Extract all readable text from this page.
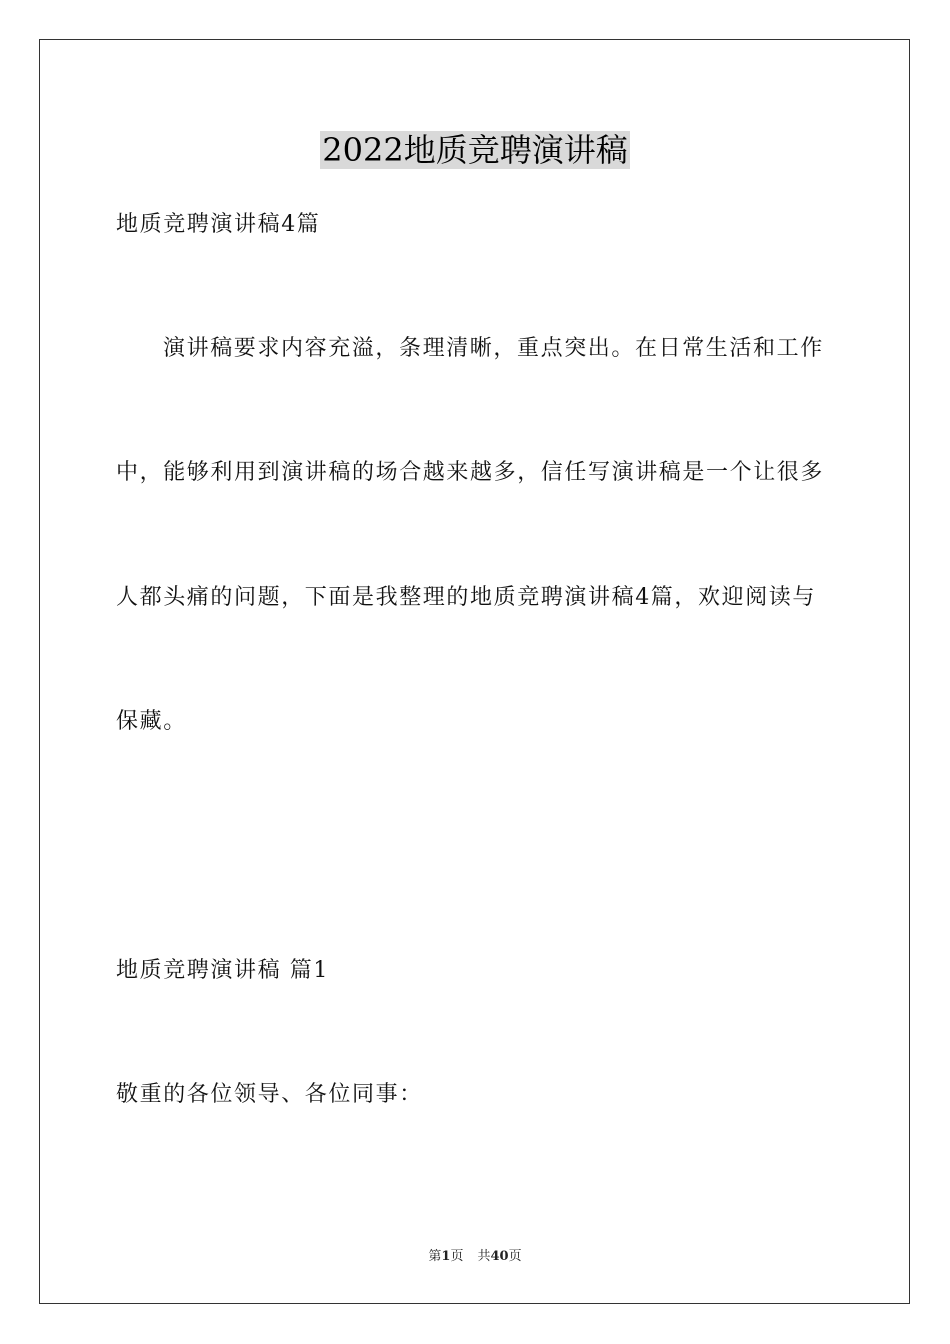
2022地质竞聘演讲稿
地质竞聘演讲稿4篇
演讲稿要求内容充溢，条理清晰，重点突出。在日常生活和工作
中，能够利用到演讲稿的场合越来越多，信任写演讲稿是一个让很多
人都头痛的问题，下面是我整理的地质竞聘演讲稿4篇，欢迎阅读与
保藏。
地质竞聘演讲稿 篇1
敬重的各位领导、各位同事：
第1页 共40页
